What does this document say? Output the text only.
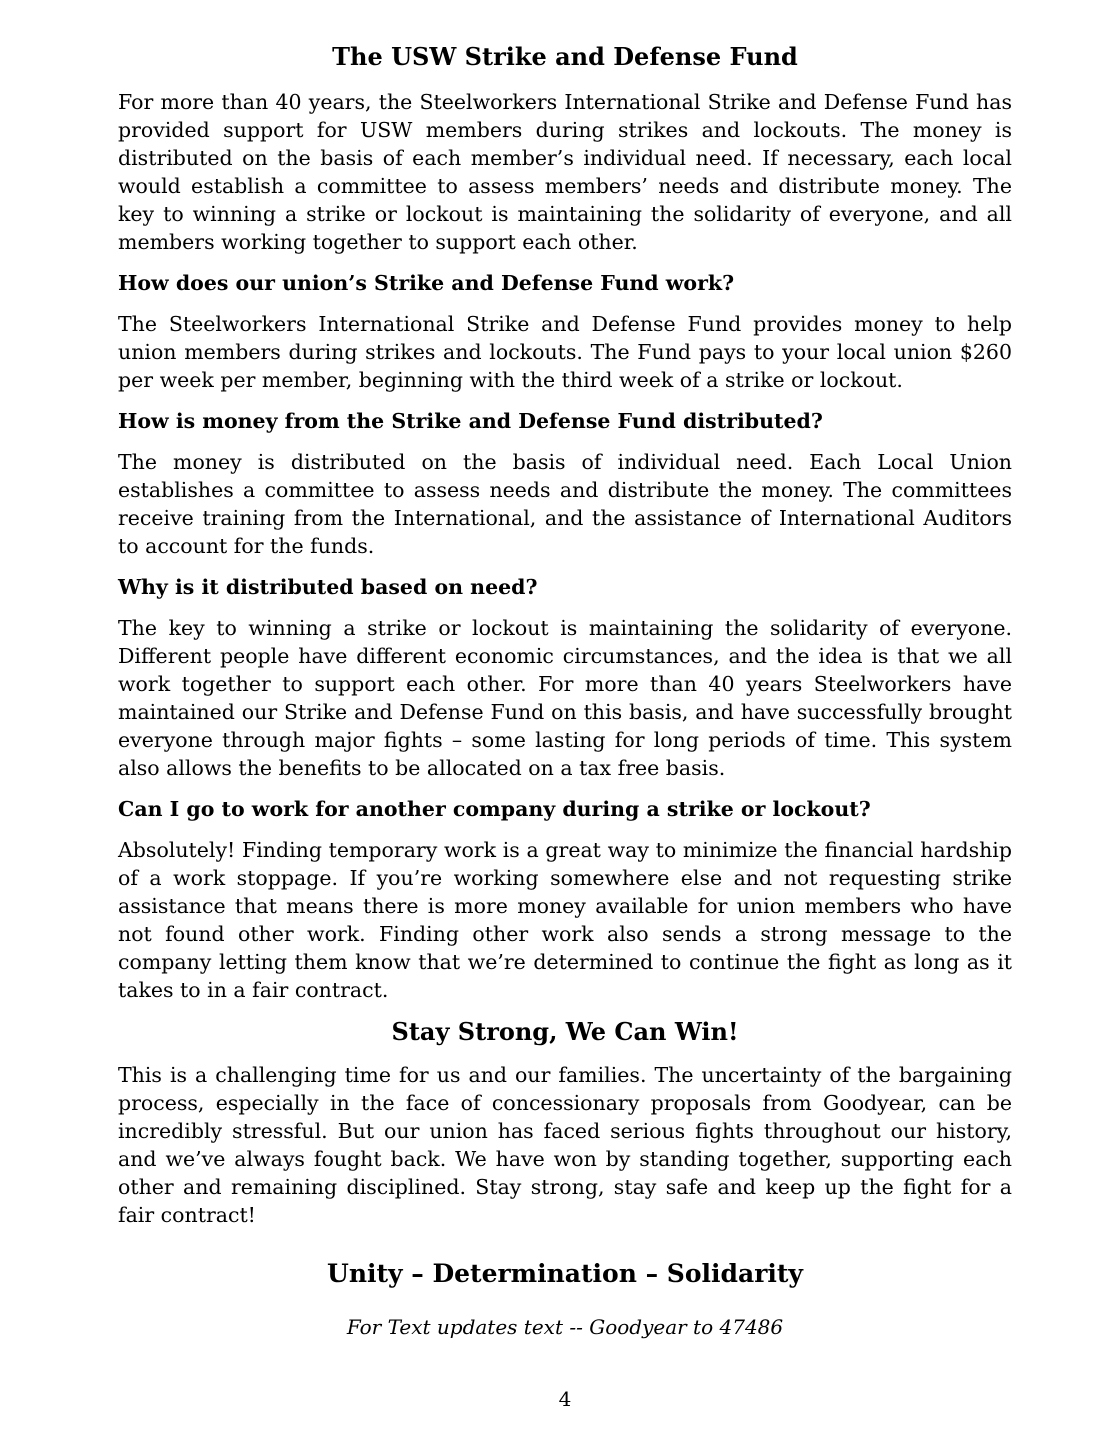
The USW Strike and Defense Fund

For more than 40 years, the Steelworkers International Strike and Defense Fund has provided support for USW members during strikes and lockouts. The money is distributed on the basis of each member’s individual need. If necessary, each local would establish a committee to assess members’ needs and distribute money. The key to winning a strike or lockout is maintaining the solidarity of everyone, and all members working together to support each other.

How does our union’s Strike and Defense Fund work?

The Steelworkers International Strike and Defense Fund provides money to help union members during strikes and lockouts. The Fund pays to your local union $260 per week per member, beginning with the third week of a strike or lockout.

How is money from the Strike and Defense Fund distributed?

The money is distributed on the basis of individual need. Each Local Union establishes a committee to assess needs and distribute the money. The committees receive training from the International, and the assistance of International Auditors to account for the funds.

Why is it distributed based on need?

The key to winning a strike or lockout is maintaining the solidarity of everyone. Different people have different economic circumstances, and the idea is that we all work together to support each other. For more than 40 years Steelworkers have maintained our Strike and Defense Fund on this basis, and have successfully brought everyone through major fights – some lasting for long periods of time. This system also allows the benefits to be allocated on a tax free basis.

Can I go to work for another company during a strike or lockout?

Absolutely! Finding temporary work is a great way to minimize the financial hardship of a work stoppage. If you’re working somewhere else and not requesting strike assistance that means there is more money available for union members who have not found other work. Finding other work also sends a strong message to the company letting them know that we’re determined to continue the fight as long as it takes to in a fair contract.

Stay Strong, We Can Win!

This is a challenging time for us and our families. The uncertainty of the bargaining process, especially in the face of concessionary proposals from Goodyear, can be incredibly stressful. But our union has faced serious fights throughout our history, and we’ve always fought back. We have won by standing together, supporting each other and remaining disciplined. Stay strong, stay safe and keep up the fight for a fair contract!

Unity – Determination – Solidarity

For Text updates text -- Goodyear to 47486

4
